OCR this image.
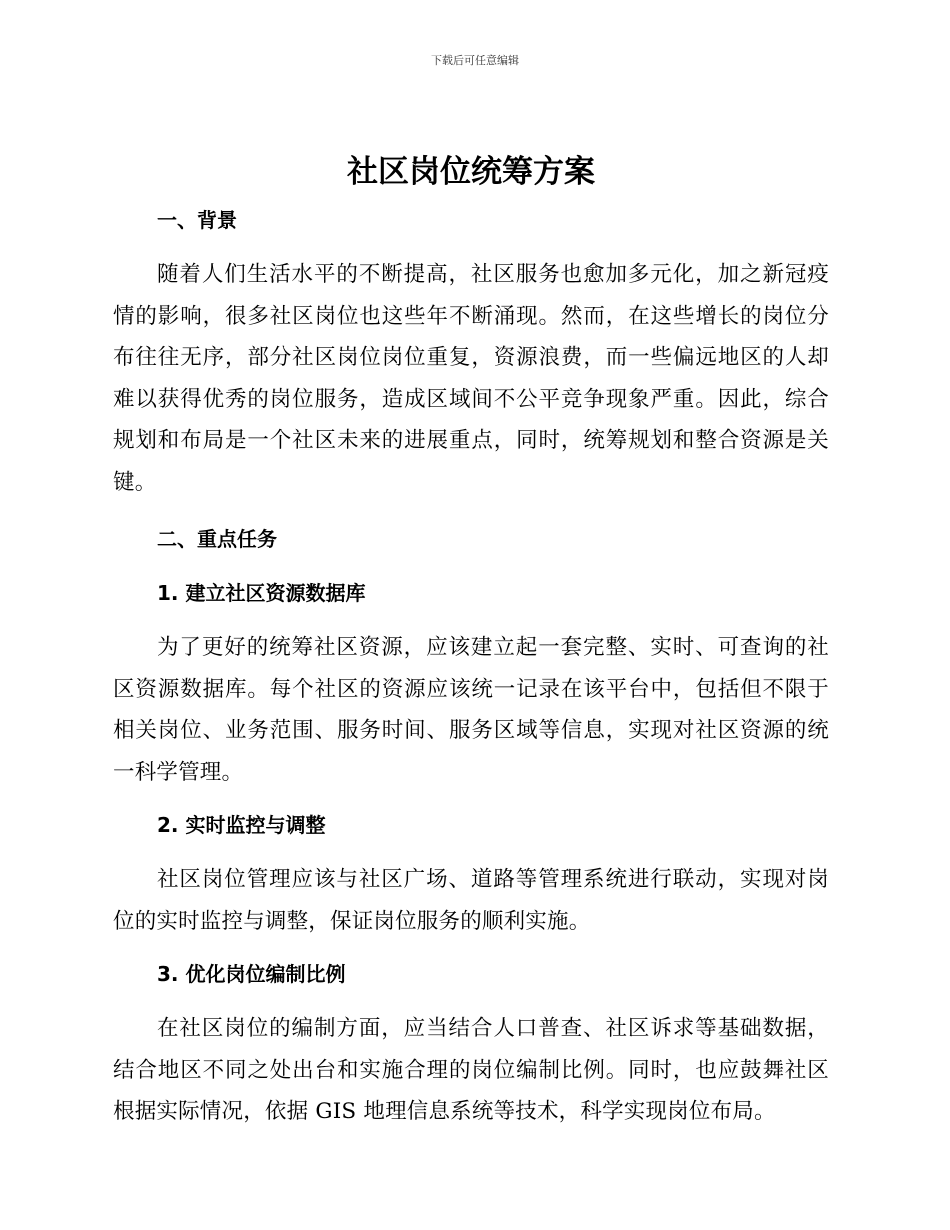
下载后可任意编辑
社区岗位统筹方案
一、背景

随着人们生活水平的不断提高，社区服务也愈加多元化，加之新冠疫情的影响，很多社区岗位也这些年不断涌现。然而，在这些增长的岗位分布往往无序，部分社区岗位岗位重复，资源浪费，而一些偏远地区的人却难以获得优秀的岗位服务，造成区域间不公平竞争现象严重。因此，综合规划和布局是一个社区未来的进展重点，同时，统筹规划和整合资源是关键。

二、重点任务
1. 建立社区资源数据库

为了更好的统筹社区资源，应该建立起一套完整、实时、可查询的社区资源数据库。每个社区的资源应该统一记录在该平台中，包括但不限于相关岗位、业务范围、服务时间、服务区域等信息，实现对社区资源的统一科学管理。

2. 实时监控与调整

社区岗位管理应该与社区广场、道路等管理系统进行联动，实现对岗位的实时监控与调整，保证岗位服务的顺利实施。

3. 优化岗位编制比例

在社区岗位的编制方面，应当结合人口普查、社区诉求等基础数据，结合地区不同之处出台和实施合理的岗位编制比例。同时，也应鼓舞社区根据实际情况，依据 GIS 地理信息系统等技术，科学实现岗位布局。
